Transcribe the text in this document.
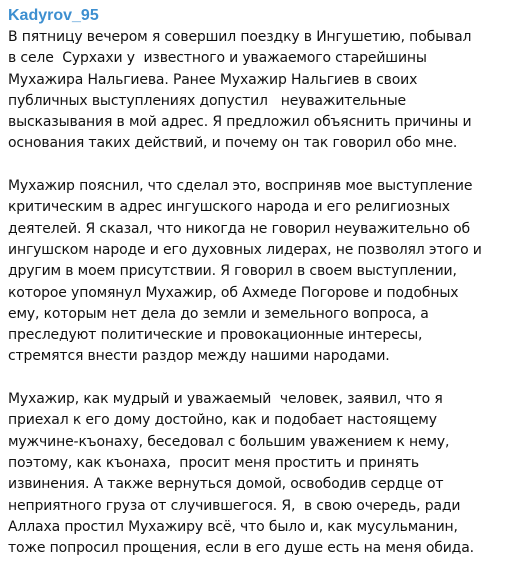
Kadyrov_95
В пятницу вечером я совершил поездку в Ингушетию, побывал
в селе  Сурхахи у  известного и уважаемого старейшины
Мухажира Нальгиева. Ранее Мухажир Нальгиев в своих
публичных выступлениях допустил   неуважительные
высказывания в мой адрес. Я предложил объяснить причины и
основания таких действий, и почему он так говорил обо мне.
Мухажир пояснил, что сделал это, восприняв мое выступление
критическим в адрес ингушского народа и его религиозных
деятелей. Я сказал, что никогда не говорил неуважительно об
ингушском народе и его духовных лидерах, не позволял этого и
другим в моем присутствии. Я говорил в своем выступлении,
которое упомянул Мухажир, об Ахмеде Погорове и подобных
ему, которым нет дела до земли и земельного вопроса, а
преследуют политические и провокационные интересы,
стремятся внести раздор между нашими народами.
Мухажир, как мудрый и уважаемый  человек, заявил, что я
приехал к его дому достойно, как и подобает настоящему
мужчине-къонаху, беседовал с большим уважением к нему,
поэтому, как къонаха,  просит меня простить и принять
извинения. А также вернуться домой, освободив сердце от
неприятного груза от случившегося. Я,  в свою очередь, ради
Аллаха простил Мухажиру всё, что было и, как мусульманин,
тоже попросил прощения, если в его душе есть на меня обида.
